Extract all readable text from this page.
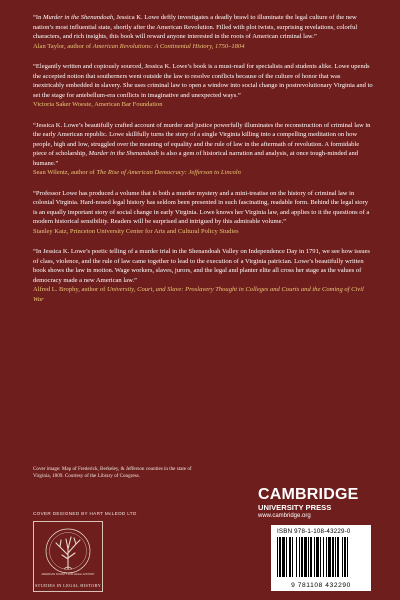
“In Murder in the Shenandoah, Jessica K. Lowe deftly investigates a deadly brawl to illuminate the legal culture of the new nation’s most influential state, shortly after the American Revolution. Filled with plot twists, surprising revelations, colorful characters, and rich insights, this book will reward anyone interested in the roots of American criminal law.”

Alan Taylor, author of American Revolutions: A Continental History, 1750–1804

“Elegantly written and copiously sourced, Jessica K. Lowe’s book is a must-read for specialists and students alike. Lowe upends the accepted notion that southerners went outside the law to resolve conflicts because of the culture of honor that was inextricably embedded in slavery. She uses criminal law to open a window into social change in postrevolutionary Virginia and to set the stage for antebellum-era conflicts in imaginative and unexpected ways.”

Victoria Saker Woeste, American Bar Foundation

“Jessica K. Lowe’s beautifully crafted account of murder and justice powerfully illuminates the reconstruction of criminal law in the early American republic. Lowe skillfully turns the story of a single Virginia killing into a compelling meditation on how people, high and low, struggled over the meaning of equality and the rule of law in the aftermath of revolution. A formidable piece of scholarship, Murder in the Shenandoah is also a gem of historical narration and analysis, at once tough-minded and humane.”

Sean Wilentz, author of The Rise of American Democracy: Jefferson to Lincoln

“Professor Lowe has produced a volume that is both a murder mystery and a mini-treatise on the history of criminal law in colonial Virginia. Hard-nosed legal history has seldom been presented in such fascinating, readable form. Behind the legal story is an equally important story of social change in early Virginia. Lowe knows her Virginia law, and applies to it the questions of a modern historical sensibility. Readers will be surprised and intrigued by this admirable volume.”

Stanley Katz, Princeton University Center for Arts and Cultural Policy Studies

“In Jessica K. Lowe’s poetic telling of a murder trial in the Shenandoah Valley on Independence Day in 1791, we see how issues of class, violence, and the rule of law came together to lead to the execution of a Virginia patrician. Lowe’s beautifully written book shows the law in motion. Wage workers, slaves, jurors, and the legal and planter elite all cross her stage as the values of democracy made a new American law.”

Alfred L. Brophy, author of University, Court, and Slave: Proslavery Thought in Colleges and Courts and the Coming of Civil War

Cover image: Map of Frederick, Berkeley, & Jefferson counties in the state of Virginia, 1809. Courtesy of the Library of Congress.
COVER DESIGNED BY HART McLEOD LTD
AMERICAN SOCIETY FOR LEGAL HISTORY
STUDIES IN LEGAL HISTORY
CAMBRIDGE
UNIVERSITY PRESS
www.cambridge.org
ISBN 978-1-108-43229-0
9 781108 432290
